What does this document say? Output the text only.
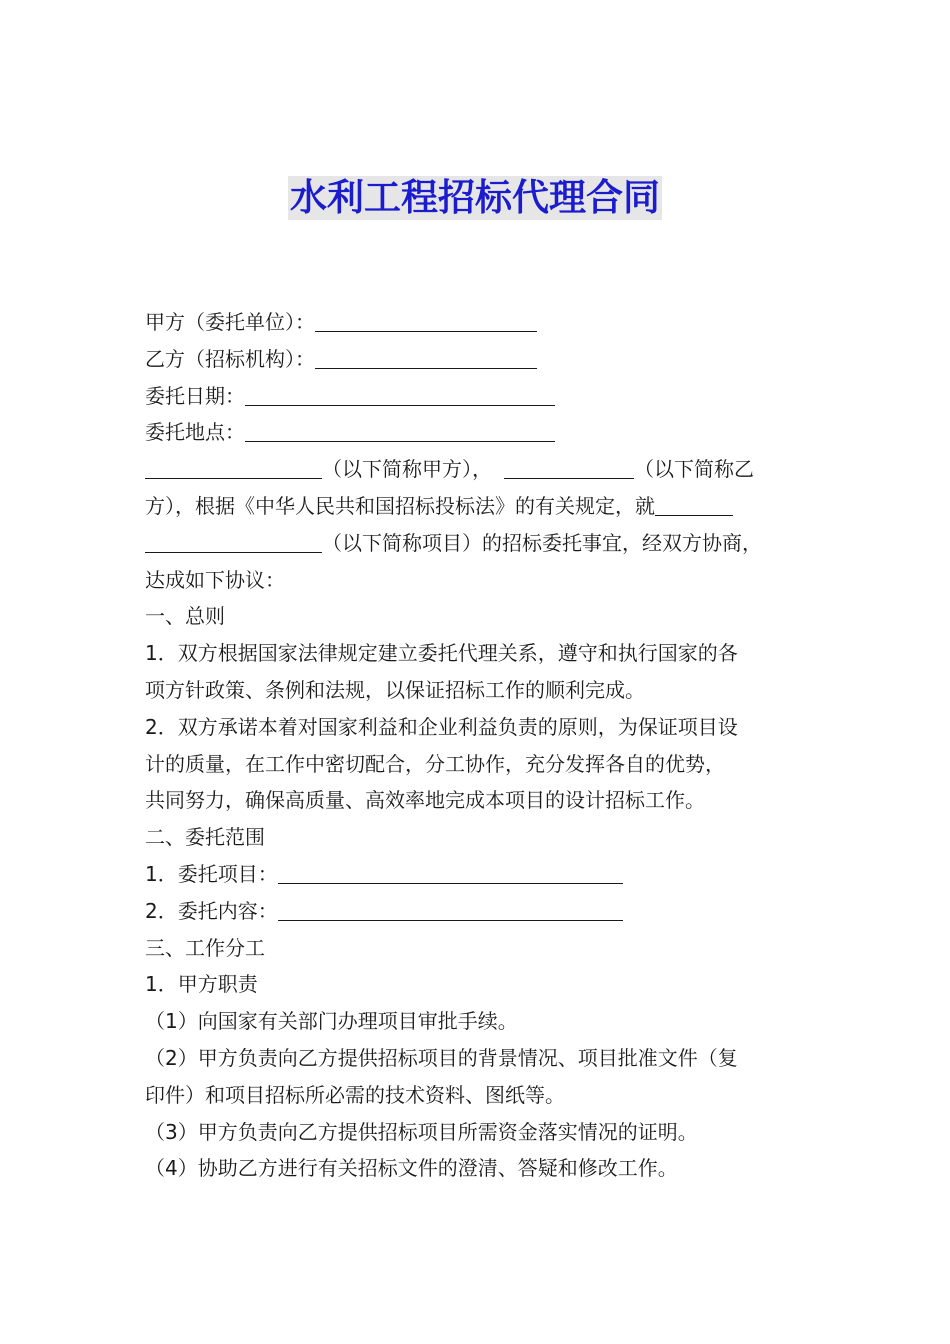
水利工程招标代理合同
甲方（委托单位）：
乙方（招标机构）：
委托日期：
委托地点：
（以下简称甲方），	（以下简称乙
方），根据《中华人民共和国招标投标法》的有关规定，就
（以下简称项目）的招标委托事宜，经双方协商，
达成如下协议：
一、总则
1．双方根据国家法律规定建立委托代理关系，遵守和执行国家的各
项方针政策、条例和法规，以保证招标工作的顺利完成。
2．双方承诺本着对国家利益和企业利益负责的原则，为保证项目设
计的质量，在工作中密切配合，分工协作，充分发挥各自的优势，
共同努力，确保高质量、高效率地完成本项目的设计招标工作。
二、委托范围
1．委托项目：
2．委托内容：
三、工作分工
1．甲方职责
（1）向国家有关部门办理项目审批手续。
（2）甲方负责向乙方提供招标项目的背景情况、项目批准文件（复
印件）和项目招标所必需的技术资料、图纸等。
（3）甲方负责向乙方提供招标项目所需资金落实情况的证明。
（4）协助乙方进行有关招标文件的澄清、答疑和修改工作。
